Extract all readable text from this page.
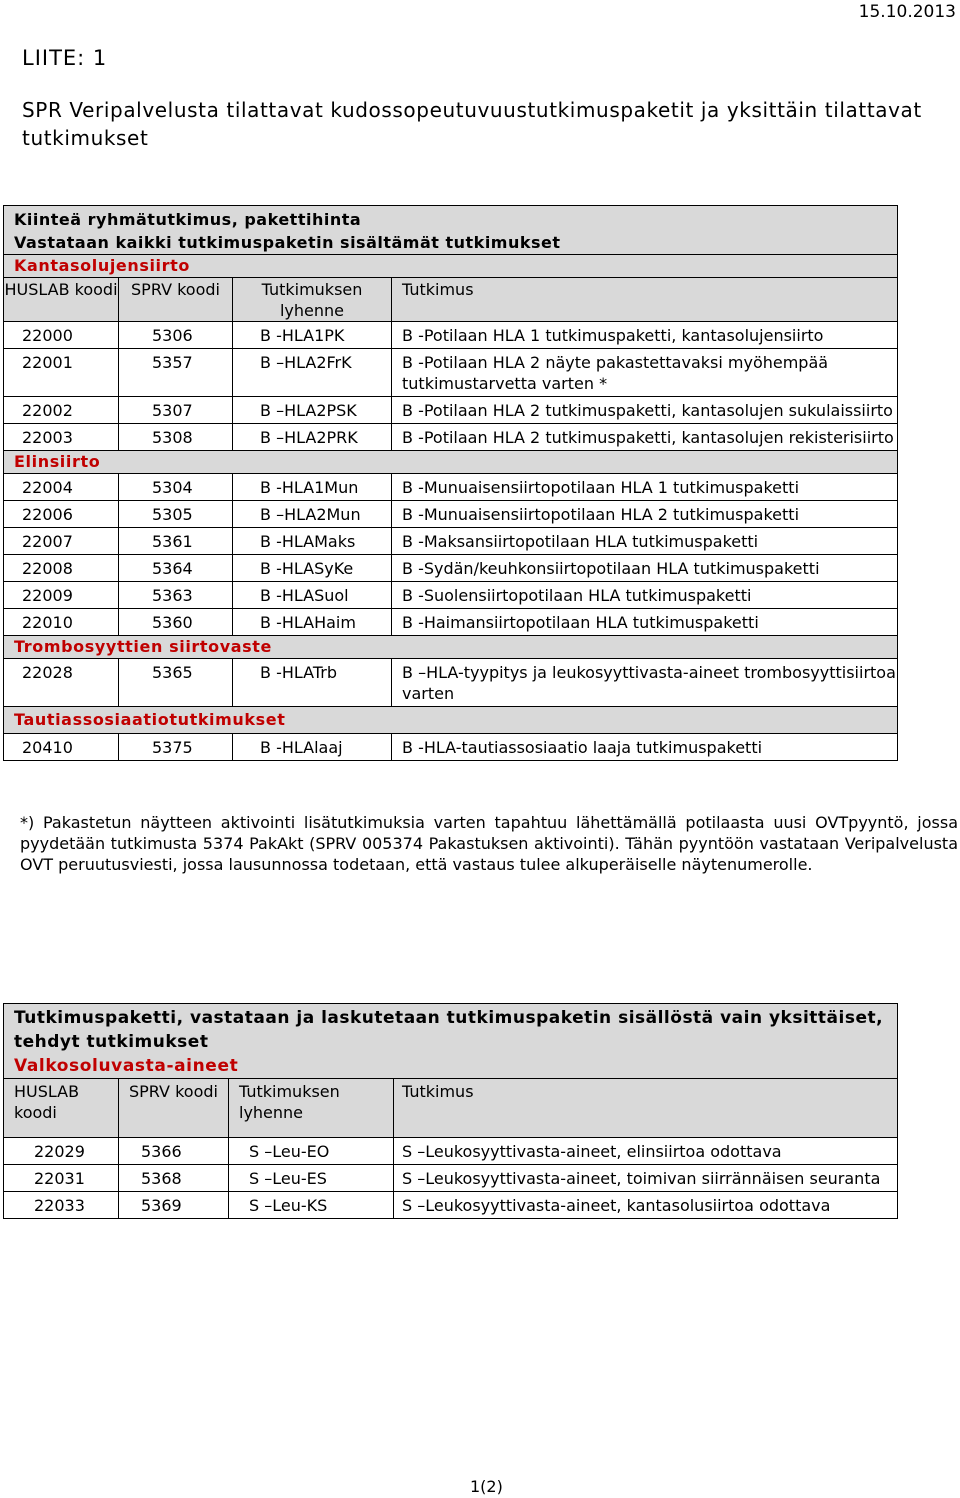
15.10.2013
LIITE: 1
SPR Veripalvelusta tilattavat kudossopeutuvuustutkimuspaketit ja yksittäin tilattavat tutkimukset
Kiinteä ryhmätutkimus, pakettihinta
Vastataan kaikki tutkimuspaketin sisältämät tutkimukset			

Kantasolujensiirto			
HUSLAB koodi	SPRV koodi	Tutkimuksen lyhenne	Tutkimus
22000	5306	B -HLA1PK	B -Potilaan HLA 1 tutkimuspaketti, kantasolujensiirto
22001	5357	B –HLA2FrK	B -Potilaan HLA 2 näyte pakastettavaksi myöhempää tutkimustarvetta varten *
22002	5307	B –HLA2PSK	B -Potilaan HLA 2 tutkimuspaketti, kantasolujen sukulaissiirto
22003	5308	B –HLA2PRK	B -Potilaan HLA 2 tutkimuspaketti, kantasolujen rekisterisiirto
Elinsiirto			
22004	5304	B -HLA1Mun	B -Munuaisensiirtopotilaan HLA 1 tutkimuspaketti
22006	5305	B –HLA2Mun	B -Munuaisensiirtopotilaan HLA 2 tutkimuspaketti
22007	5361	B -HLAMaks	B -Maksansiirtopotilaan HLA tutkimuspaketti
22008	5364	B -HLASyKe	B -Sydän/keuhkonsiirtopotilaan HLA tutkimuspaketti
22009	5363	B -HLASuol	B -Suolensiirtopotilaan HLA tutkimuspaketti
22010	5360	B -HLAHaim	B -Haimansiirtopotilaan HLA tutkimuspaketti
Trombosyyttien siirtovaste			
22028	5365	B -HLATrb	B –HLA-tyypitys ja leukosyyttivasta-aineet trombosyyttisiirtoa varten
Tautiassosiaatiotutkimukset			
20410	5375	B -HLAlaaj	B -HLA-tautiassosiaatio laaja tutkimuspaketti
*) Pakastetun näytteen aktivointi lisätutkimuksia varten tapahtuu lähettämällä potilaasta uusi OVTpyyntö, jossa pyydetään tutkimusta 5374 PakAkt (SPRV 005374 Pakastuksen aktivointi). Tähän pyyntöön vastataan Veripalvelusta OVT peruutusviesti, jossa lausunnossa todetaan, että vastaus tulee alkuperäiselle näytenumerolle.
Tutkimuspaketti, vastataan ja laskutetaan tutkimuspaketin sisällöstä vain yksittäiset, tehdyt tutkimukset
Valkosoluvasta-aineet			

HUSLAB koodi	SPRV koodi	Tutkimuksen lyhenne	Tutkimus
22029	5366	S –Leu-EO	S –Leukosyyttivasta-aineet, elinsiirtoa odottava
22031	5368	S –Leu-ES	S –Leukosyyttivasta-aineet, toimivan siirrännäisen seuranta
22033	5369	S –Leu-KS	S –Leukosyyttivasta-aineet, kantasolusiirtoa odottava
1(2)
